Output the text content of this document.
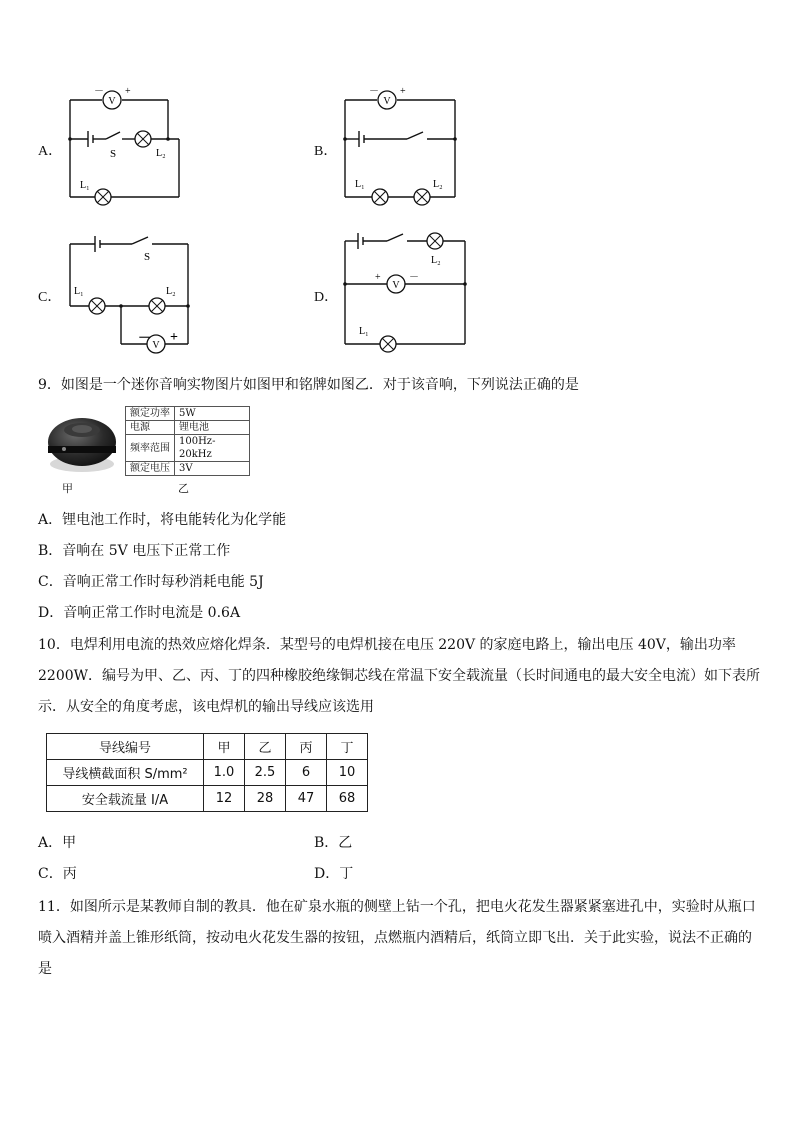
A．
V
－ +
S	L₂
L₁
B．
V
－ +
L₁	L₂
C．
V
－ +
S
L₁	L₂	D．
V
+	－
L₂
L₁
9．如图是一个迷你音响实物图片如图甲和铭牌如图乙．对于该音响，下列说法正确的是
甲	乙
额定功率	5W
电源	锂电池
频率范围	100Hz-20kHz
额定电压	3V
A．锂电池工作时，将电能转化为化学能
B．音响在 5V 电压下正常工作
C．音响正常工作时每秒消耗电能 5J
D．音响正常工作时电流是 0.6A
10．电焊利用电流的热效应熔化焊条．某型号的电焊机接在电压 220V 的家庭电路上，输出电压 40V，输出功率
2200W．编号为甲、乙、丙、丁的四种橡胶绝缘铜芯线在常温下安全载流量（长时间通电的最大安全电流）如下表所
示．从安全的角度考虑，该电焊机的输出导线应该选用
导线编号	甲	乙	丙	丁
导线横截面积 S/mm²	1.0	2.5	6	10
安全载流量 I/A	12	28	47	68
A．甲	B．乙
C．丙	D．丁
11．如图所示是某教师自制的教具．他在矿泉水瓶的侧壁上钻一个孔，把电火花发生器紧紧塞进孔中，实验时从瓶口
喷入酒精并盖上锥形纸筒，按动电火花发生器的按钮，点燃瓶内酒精后，纸筒立即飞出．关于此实验，说法不正确的
是
